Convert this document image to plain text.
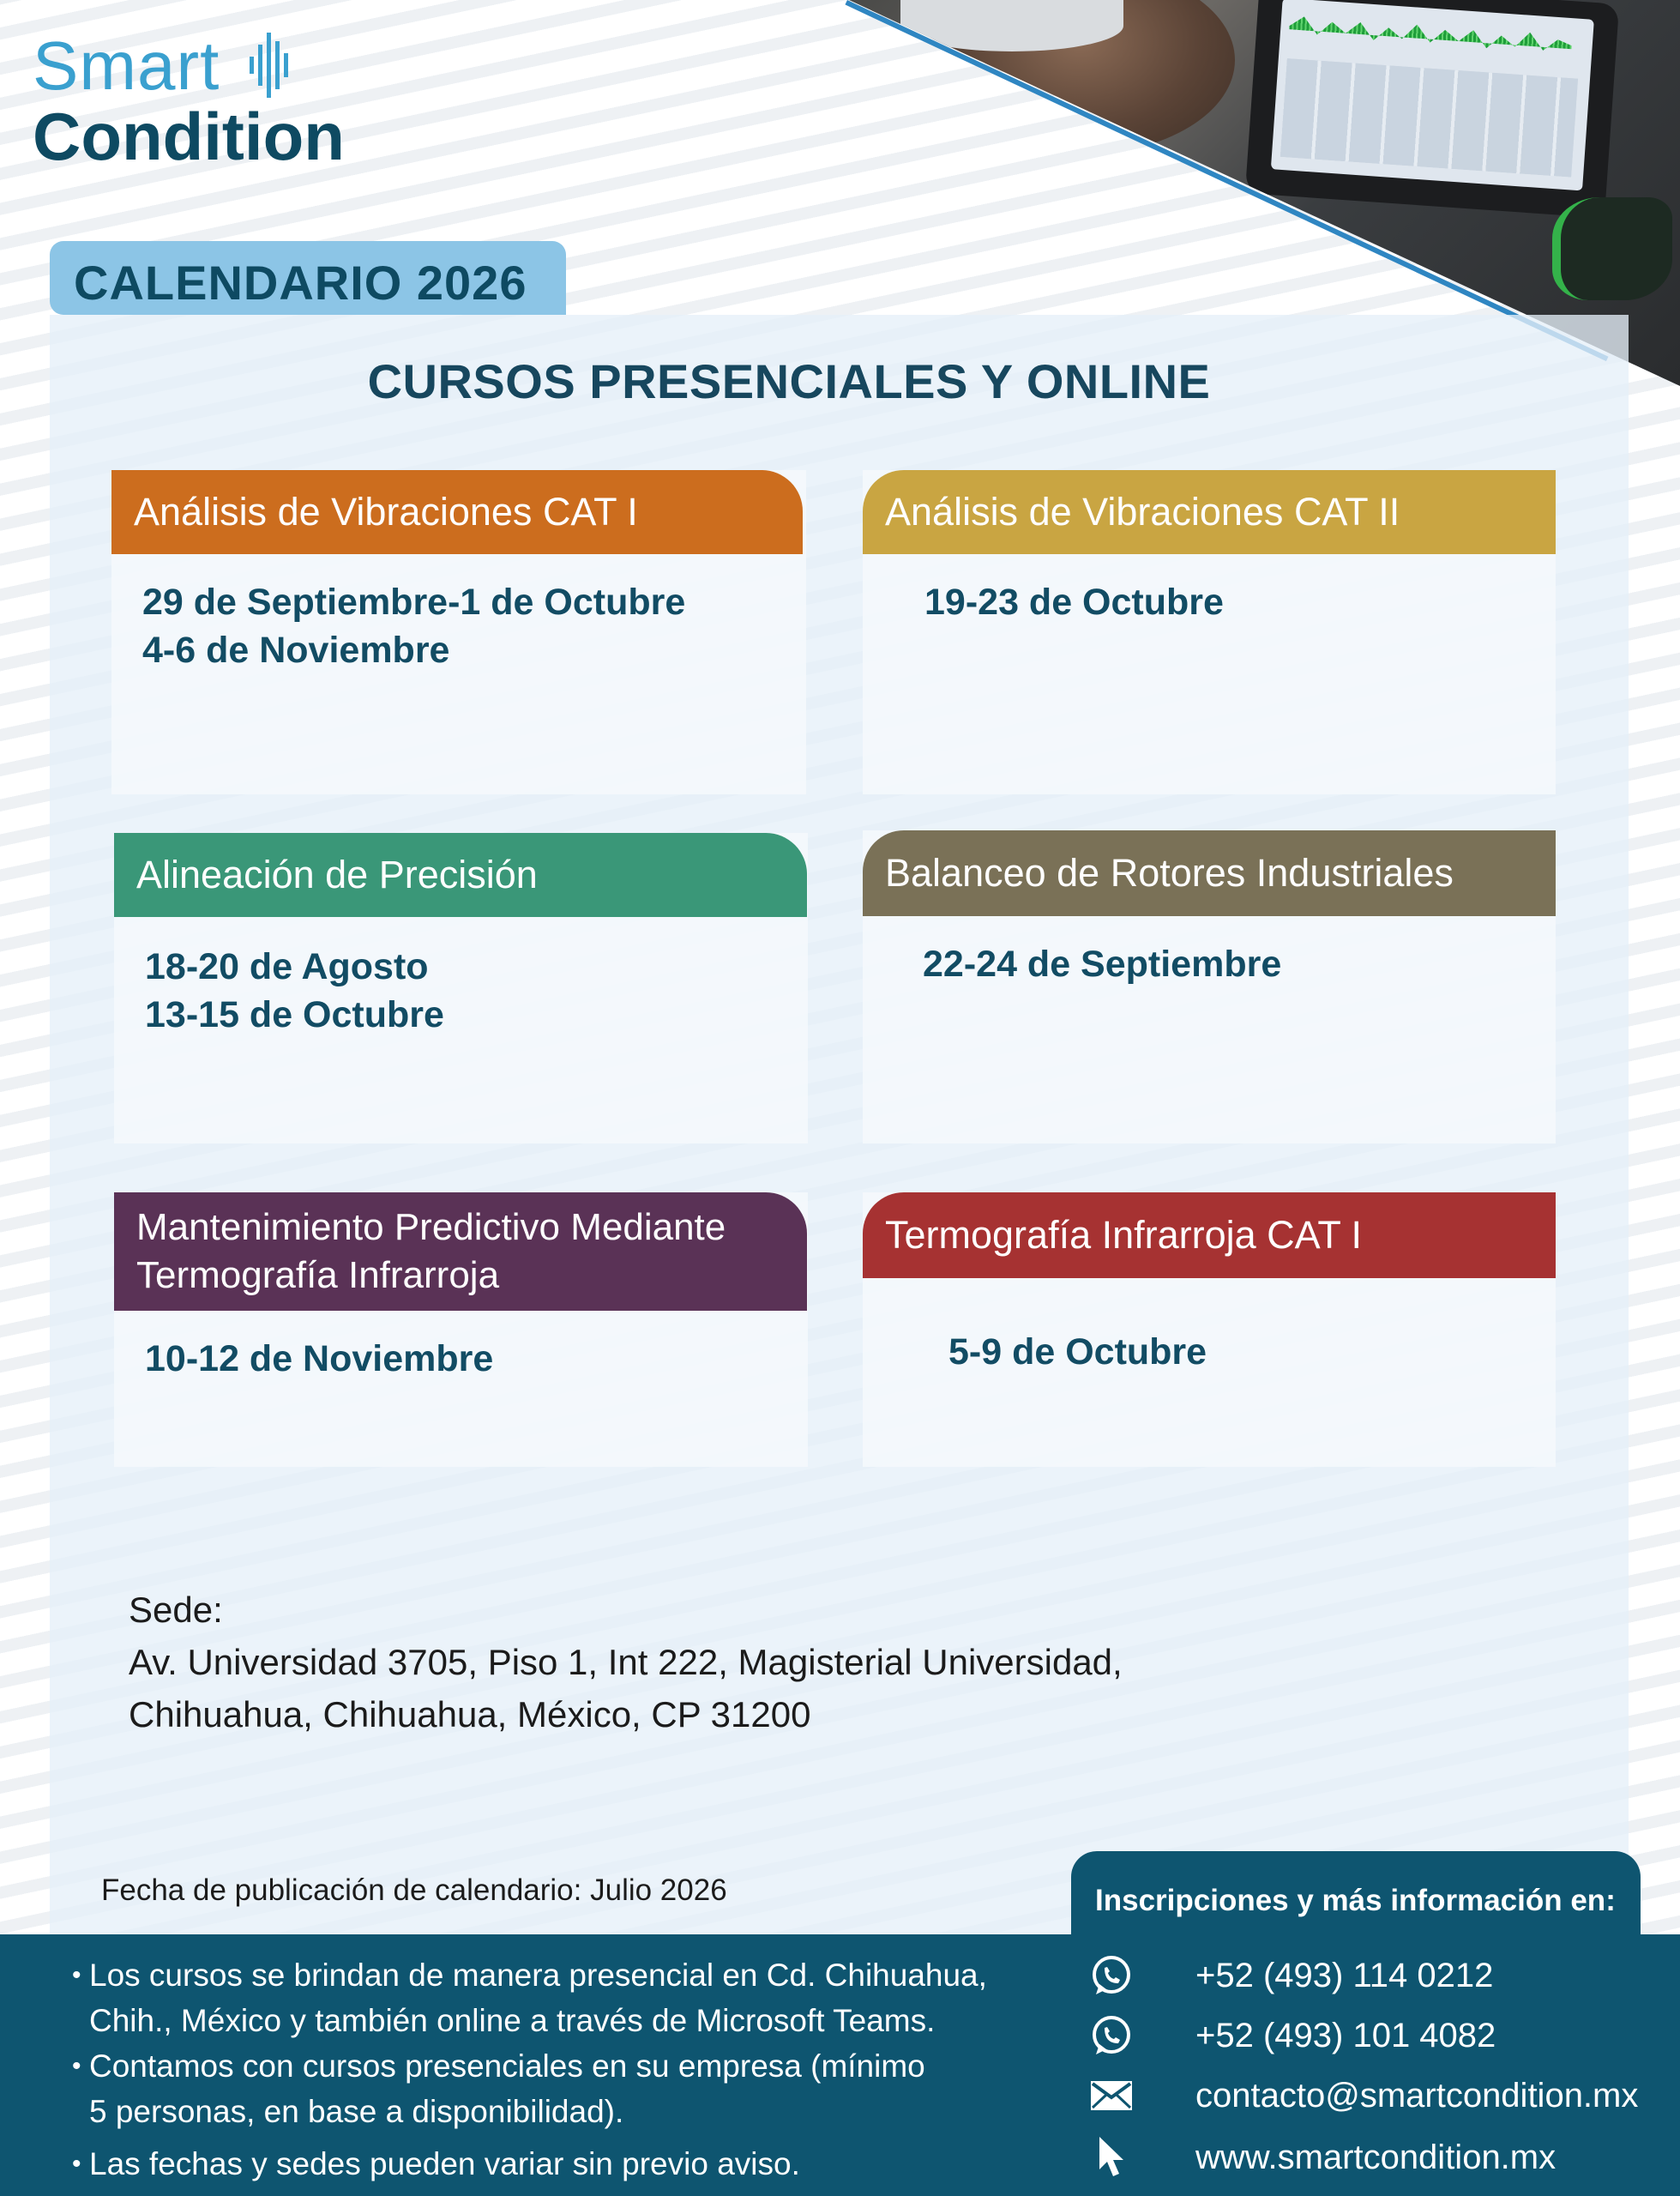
Smart
Condition
CALENDARIO 2026
CURSOS PRESENCIALES Y ONLINE
Análisis de Vibraciones CAT I
29 de Septiembre-1 de Octubre
4-6 de Noviembre
Análisis de Vibraciones CAT II
19-23 de Octubre
Alineación de Precisión
18-20 de Agosto
13-15 de Octubre
Balanceo de Rotores Industriales
22-24 de Septiembre
Mantenimiento Predictivo Mediante
Termografía Infrarroja
10-12 de Noviembre
Termografía Infrarroja CAT I
5-9 de Octubre
Sede:
Av. Universidad 3705, Piso 1, Int 222, Magisterial Universidad,
Chihuahua, Chihuahua, México, CP 31200
Fecha de publicación de calendario: Julio 2026	Inscripciones y más información en:
• Los cursos se brindan de manera presencial en Cd. Chihuahua,
Chih., México y también online a través de Microsoft Teams.
• Contamos con cursos presenciales en su empresa (mínimo
5 personas, en base a disponibilidad).
• Las fechas y sedes pueden variar sin previo aviso.
+52 (493) 114 0212
+52 (493) 101 4082
contacto@smartcondition.mx
www.smartcondition.mx
